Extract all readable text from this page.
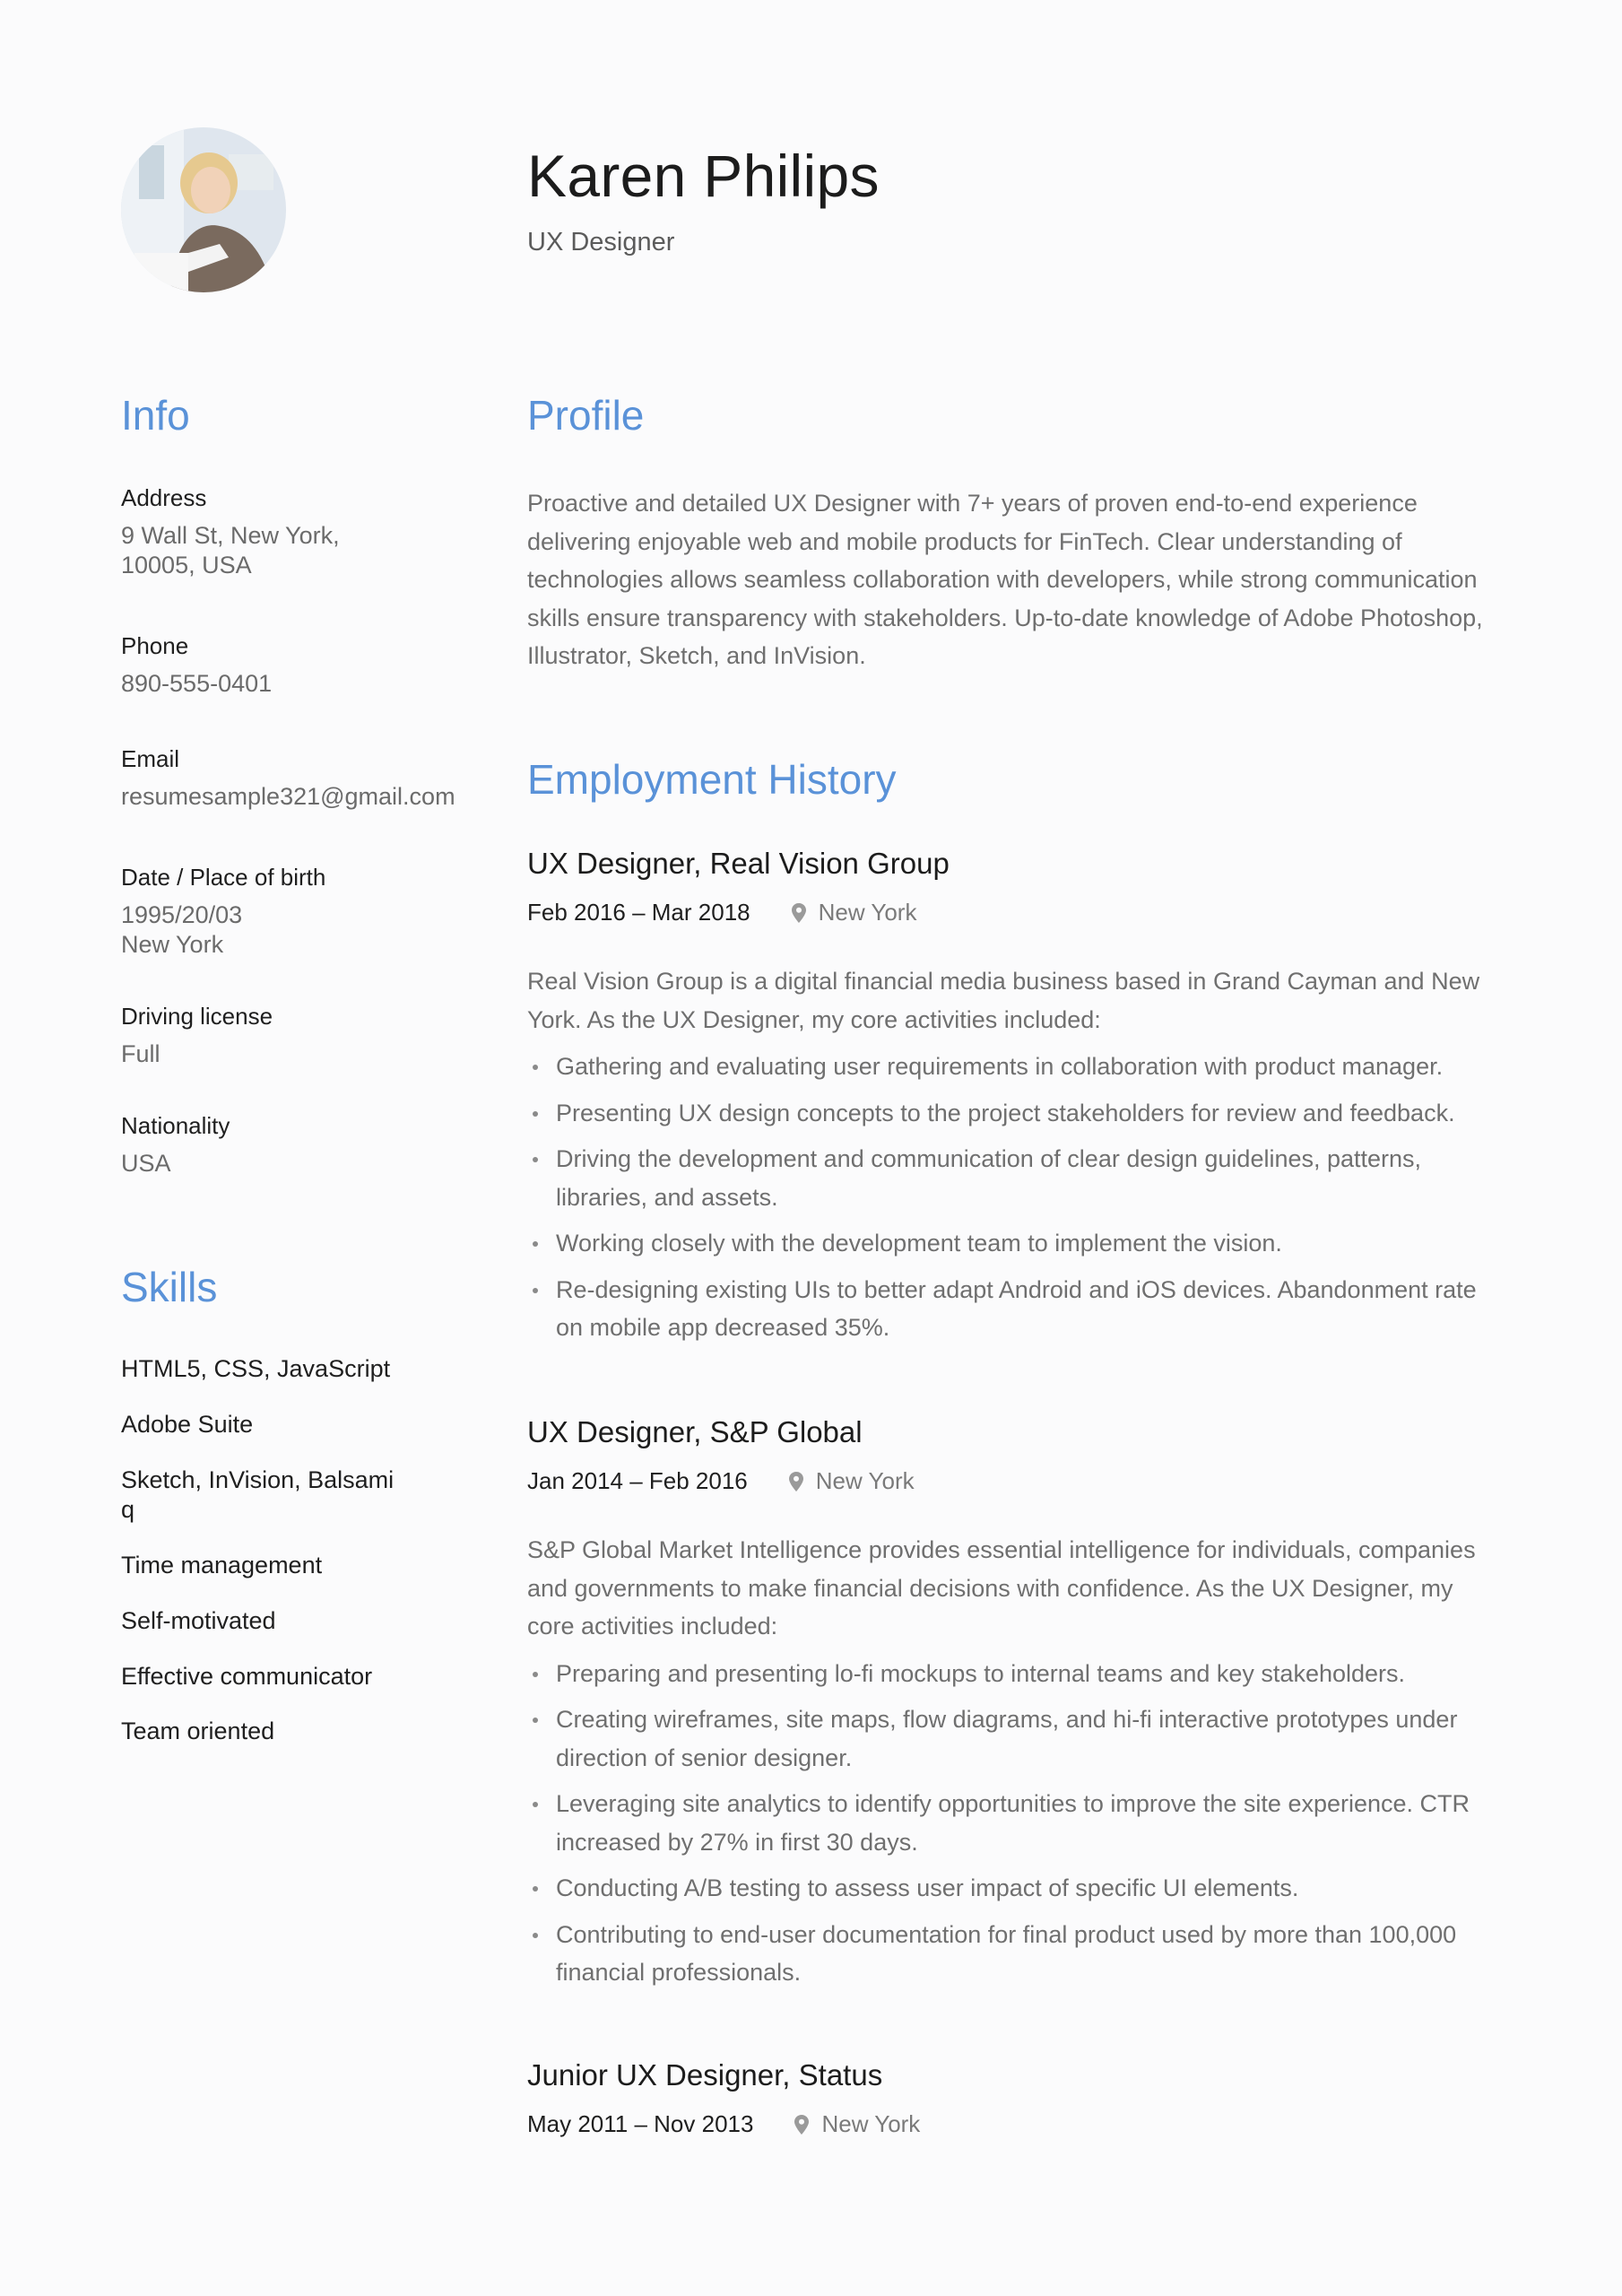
Karen Philips
UX Designer
Info
Address
9 Wall St, New York,
10005, USA
Phone
890-555-0401
Email
resumesample321@gmail.com
Date / Place of birth
1995/20/03
New York
Driving license
Full
Nationality
USA
Skills
HTML5, CSS, JavaScript
Adobe Suite
Sketch, InVision, Balsamiq
Time management
Self-motivated
Effective communicator
Team oriented
Profile

Proactive and detailed UX Designer with 7+ years of proven end-to-end experience delivering enjoyable web and mobile products for FinTech. Clear understanding of technologies allows seamless collaboration with developers, while strong communication skills ensure transparency with stakeholders. Up-to-date knowledge of Adobe Photoshop, Illustrator, Sketch, and InVision.

Employment History
UX Designer, Real Vision Group
Feb 2016 – Mar 2018	New York

Real Vision Group is a digital financial media business based in Grand Cayman and New York. As the UX Designer, my core activities included:

Gathering and evaluating user requirements in collaboration with product manager.
Presenting UX design concepts to the project stakeholders for review and feedback.
Driving the development and communication of clear design guidelines, patterns, libraries, and assets.
Working closely with the development team to implement the vision.
Re-designing existing UIs to better adapt Android and iOS devices. Abandonment rate on mobile app decreased 35%.
UX Designer, S&P Global
Jan 2014 – Feb 2016	New York

S&P Global Market Intelligence provides essential intelligence for individuals, companies and governments to make financial decisions with confidence. As the UX Designer, my core activities included:

Preparing and presenting lo-fi mockups to internal teams and key stakeholders.
Creating wireframes, site maps, flow diagrams, and hi-fi interactive prototypes under direction of senior designer.
Leveraging site analytics to identify opportunities to improve the site experience. CTR increased by 27% in first 30 days.
Conducting A/B testing to assess user impact of specific UI elements.
Contributing to end-user documentation for final product used by more than 100,000 financial professionals.
Junior UX Designer, Status
May 2011 – Nov 2013	New York
